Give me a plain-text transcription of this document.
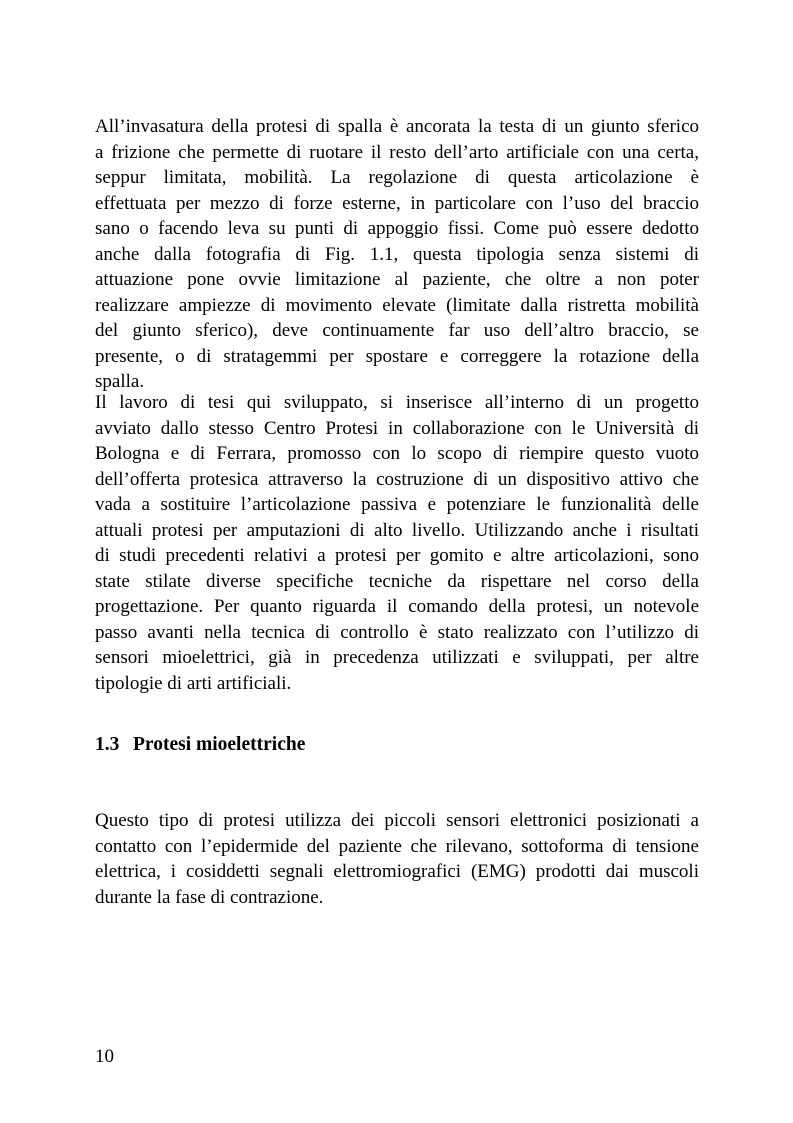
All’invasatura della protesi di spalla è ancorata la testa di un giunto sferico
a frizione che permette di ruotare il resto dell’arto artificiale con una certa,
seppur limitata, mobilità. La regolazione di questa articolazione è
effettuata per mezzo di forze esterne, in particolare con l’uso del braccio
sano o facendo leva su punti di appoggio fissi. Come può essere dedotto
anche dalla fotografia di Fig. 1.1, questa tipologia senza sistemi di
attuazione pone ovvie limitazione al paziente, che oltre a non poter
realizzare ampiezze di movimento elevate (limitate dalla ristretta mobilità
del giunto sferico), deve continuamente far uso dell’altro braccio, se
presente, o di stratagemmi per spostare e correggere la rotazione della
spalla.
Il lavoro di tesi qui sviluppato, si inserisce all’interno di un progetto
avviato dallo stesso Centro Protesi in collaborazione con le Università di
Bologna e di Ferrara, promosso con lo scopo di riempire questo vuoto
dell’offerta protesica attraverso la costruzione di un dispositivo attivo che
vada a sostituire l’articolazione passiva e potenziare le funzionalità delle
attuali protesi per amputazioni di alto livello. Utilizzando anche i risultati
di studi precedenti relativi a protesi per gomito e altre articolazioni, sono
state stilate diverse specifiche tecniche da rispettare nel corso della
progettazione. Per quanto riguarda il comando della protesi, un notevole
passo avanti nella tecnica di controllo è stato realizzato con l’utilizzo di
sensori mioelettrici, già in precedenza utilizzati e sviluppati, per altre
tipologie di arti artificiali.
1.3 Protesi mioelettriche
Questo tipo di protesi utilizza dei piccoli sensori elettronici posizionati a
contatto con l’epidermide del paziente che rilevano, sottoforma di tensione
elettrica, i cosiddetti segnali elettromiografici (EMG) prodotti dai muscoli
durante la fase di contrazione.
10
